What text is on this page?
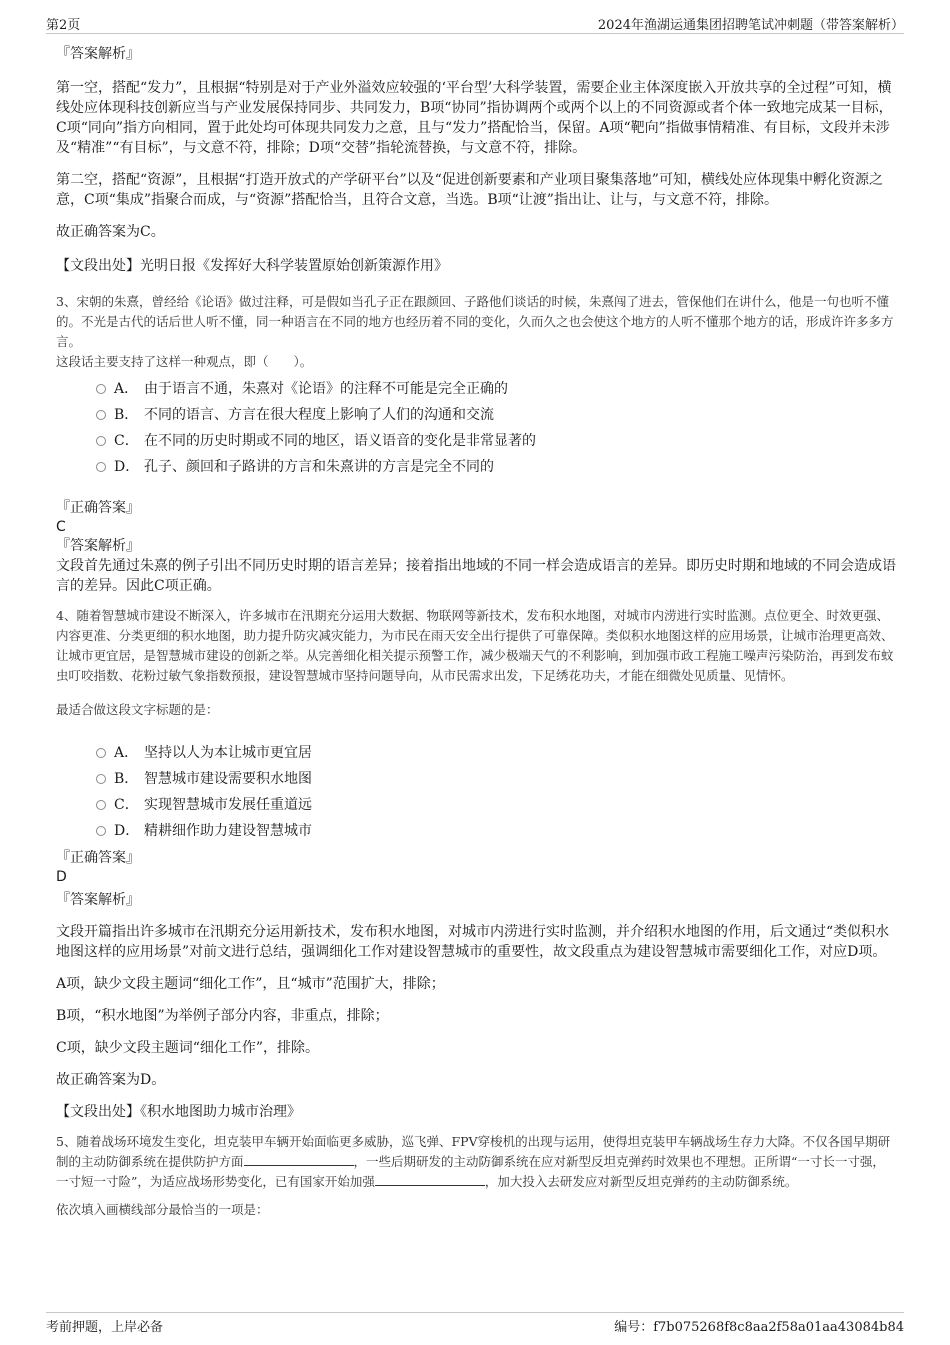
第2页	2024年渔湖运通集团招聘笔试冲刺题（带答案解析）
『答案解析』
第一空，搭配“发力”，且根据“特别是对于产业外溢效应较强的‘平台型’大科学装置，需要企业主体深度嵌入开放共享的全过程”可知，横线处应体现科技创新应当与产业发展保持同步、共同发力，B项“协同”指协调两个或两个以上的不同资源或者个体一致地完成某一目标，C项“同向”指方向相同，置于此处均可体现共同发力之意，且与“发力”搭配恰当，保留。A项“靶向”指做事情精准、有目标，文段并未涉及“精准”“有目标”，与文意不符，排除；D项“交替”指轮流替换，与文意不符，排除。
第二空，搭配“资源”，且根据“打造开放式的产学研平台”以及“促进创新要素和产业项目聚集落地”可知，横线处应体现集中孵化资源之意，C项“集成”指聚合而成，与“资源”搭配恰当，且符合文意，当选。B项“让渡”指出让、让与，与文意不符，排除。
故正确答案为C。
【文段出处】光明日报《发挥好大科学装置原始创新策源作用》
3、宋朝的朱熹，曾经给《论语》做过注释，可是假如当孔子正在跟颜回、子路他们谈话的时候，朱熹闯了进去，管保他们在讲什么，他是一句也听不懂的。不光是古代的话后世人听不懂，同一种语言在不同的地方也经历着不同的变化，久而久之也会使这个地方的人听不懂那个地方的话，形成许许多多方言。
这段话主要支持了这样一种观点，即（　　）。
A． 由于语言不通，朱熹对《论语》的注释不可能是完全正确的
B． 不同的语言、方言在很大程度上影响了人们的沟通和交流
C． 在不同的历史时期或不同的地区，语义语音的变化是非常显著的
D． 孔子、颜回和子路讲的方言和朱熹讲的方言是完全不同的
『正确答案』
C
『答案解析』
文段首先通过朱熹的例子引出不同历史时期的语言差异；接着指出地域的不同一样会造成语言的差异。即历史时期和地域的不同会造成语言的差异。因此C项正确。
4、随着智慧城市建设不断深入，许多城市在汛期充分运用大数据、物联网等新技术，发布积水地图，对城市内涝进行实时监测。点位更全、时效更强、内容更准、分类更细的积水地图，助力提升防灾减灾能力，为市民在雨天安全出行提供了可靠保障。类似积水地图这样的应用场景，让城市治理更高效、让城市更宜居，是智慧城市建设的创新之举。从完善细化相关提示预警工作，减少极端天气的不利影响，到加强市政工程施工噪声污染防治，再到发布蚊虫叮咬指数、花粉过敏气象指数预报，建设智慧城市坚持问题导向，从市民需求出发，下足绣花功夫，才能在细微处见质量、见情怀。
最适合做这段文字标题的是：
A． 坚持以人为本让城市更宜居
B． 智慧城市建设需要积水地图
C． 实现智慧城市发展任重道远
D． 精耕细作助力建设智慧城市
『正确答案』
D
『答案解析』
文段开篇指出许多城市在汛期充分运用新技术，发布积水地图，对城市内涝进行实时监测，并介绍积水地图的作用，后文通过“类似积水地图这样的应用场景”对前文进行总结，强调细化工作对建设智慧城市的重要性，故文段重点为建设智慧城市需要细化工作，对应D项。
A项，缺少文段主题词“细化工作”，且“城市”范围扩大，排除；
B项，“积水地图”为举例子部分内容，非重点，排除；
C项，缺少文段主题词“细化工作”，排除。
故正确答案为D。
【文段出处】《积水地图助力城市治理》
5、随着战场环境发生变化，坦克装甲车辆开始面临更多威胁，巡飞弹、FPV穿梭机的出现与运用，使得坦克装甲车辆战场生存力大降。不仅各国早期研制的主动防御系统在提供防护方面	，一些后期研发的主动防御系统在应对新型反坦克弹药时效果也不理想。正所谓“一寸长一寸强，一寸短一寸险”，为适应战场形势变化，已有国家开始加强	，加大投入去研发应对新型反坦克弹药的主动防御系统。
依次填入画横线部分最恰当的一项是：
考前押题，上岸必备	编号：f7b075268f8c8aa2f58a01aa43084b84
